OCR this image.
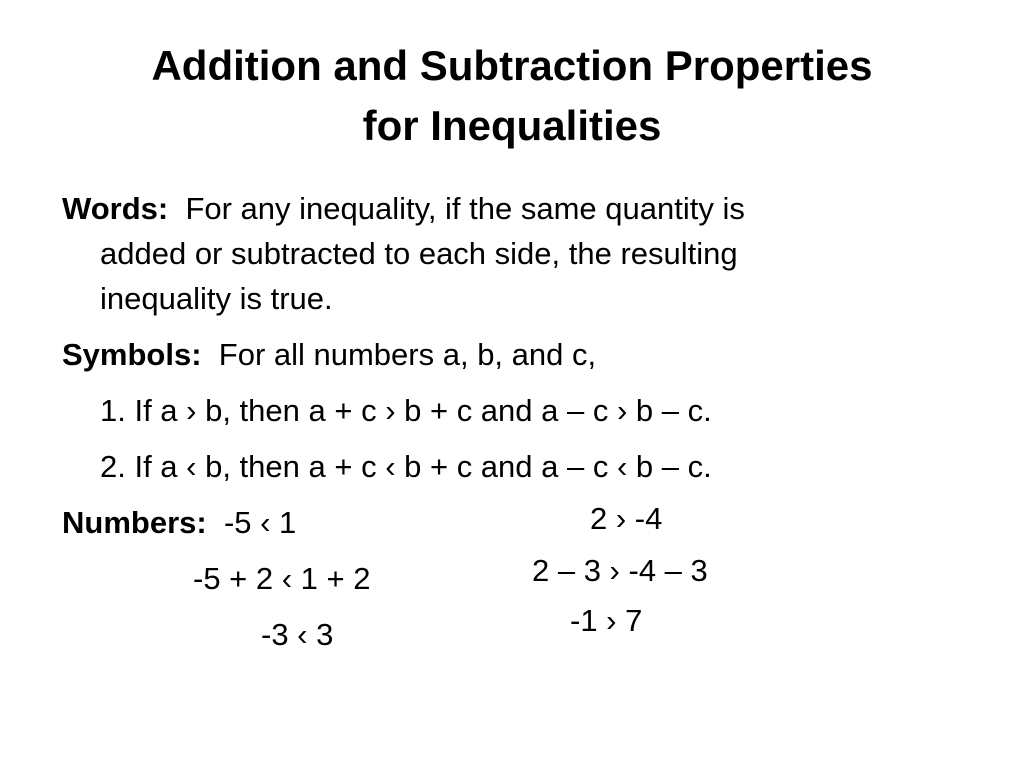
Addition and Subtraction Properties
for Inequalities
Words: For any inequality, if the same quantity is
added or subtracted to each side, the resulting
inequality is true.
Symbols: For all numbers a, b, and c,
1. If a › b, then a + c › b + c and a – c › b – c.
2. If a ‹ b, then a + c ‹ b + c and a – c ‹ b – c.
Numbers: -5 ‹ 1
-5 + 2 ‹ 1 + 2
-3 ‹ 3
2 › -4
2 – 3 › -4 – 3
-1 › 7
